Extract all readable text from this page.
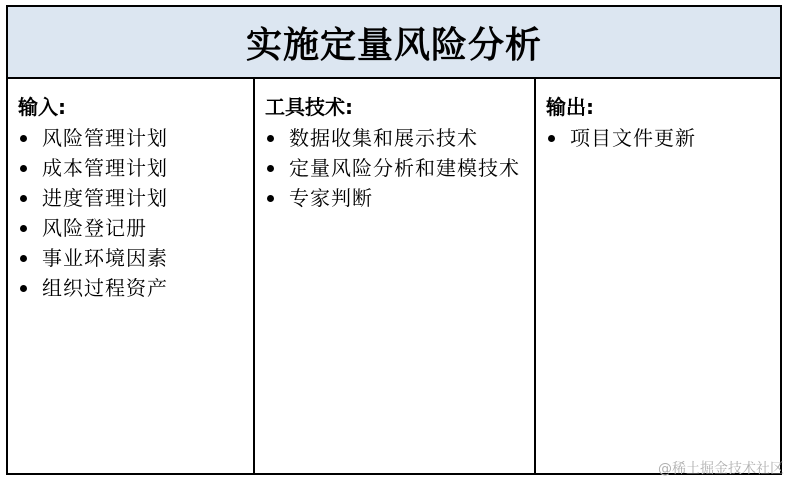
实施定量风险分析
输入:
风险管理计划
成本管理计划
进度管理计划
风险登记册
事业环境因素
组织过程资产
工具技术:
数据收集和展示技术
定量风险分析和建模技术
专家判断
输出:
项目文件更新
@稀土掘金技术社区
